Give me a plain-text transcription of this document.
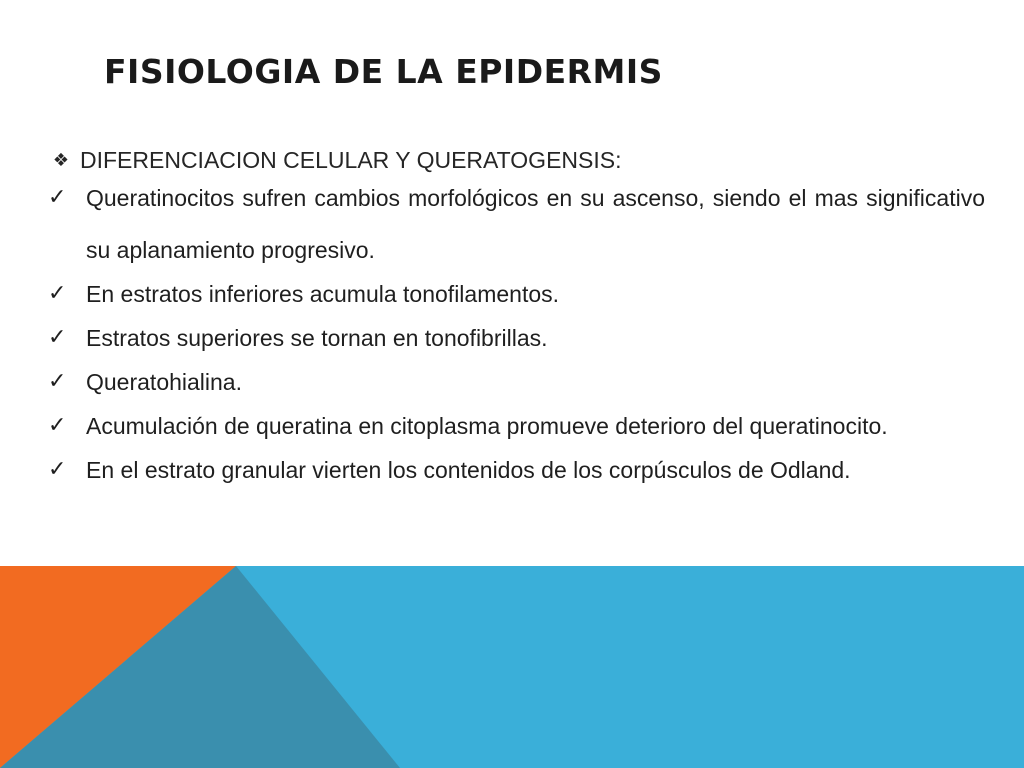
FISIOLOGIA DE LA EPIDERMIS
❖ DIFERENCIACION CELULAR Y QUERATOGENSIS:
✓ Queratinocitos sufren cambios morfológicos en su ascenso, siendo el mas significativo su aplanamiento progresivo.
✓ En estratos inferiores acumula tonofilamentos.
✓ Estratos superiores se tornan en tonofibrillas.
✓ Queratohialina.
✓ Acumulación de queratina en citoplasma promueve deterioro del queratinocito.
✓ En el estrato granular vierten los contenidos de los corpúsculos de Odland.
